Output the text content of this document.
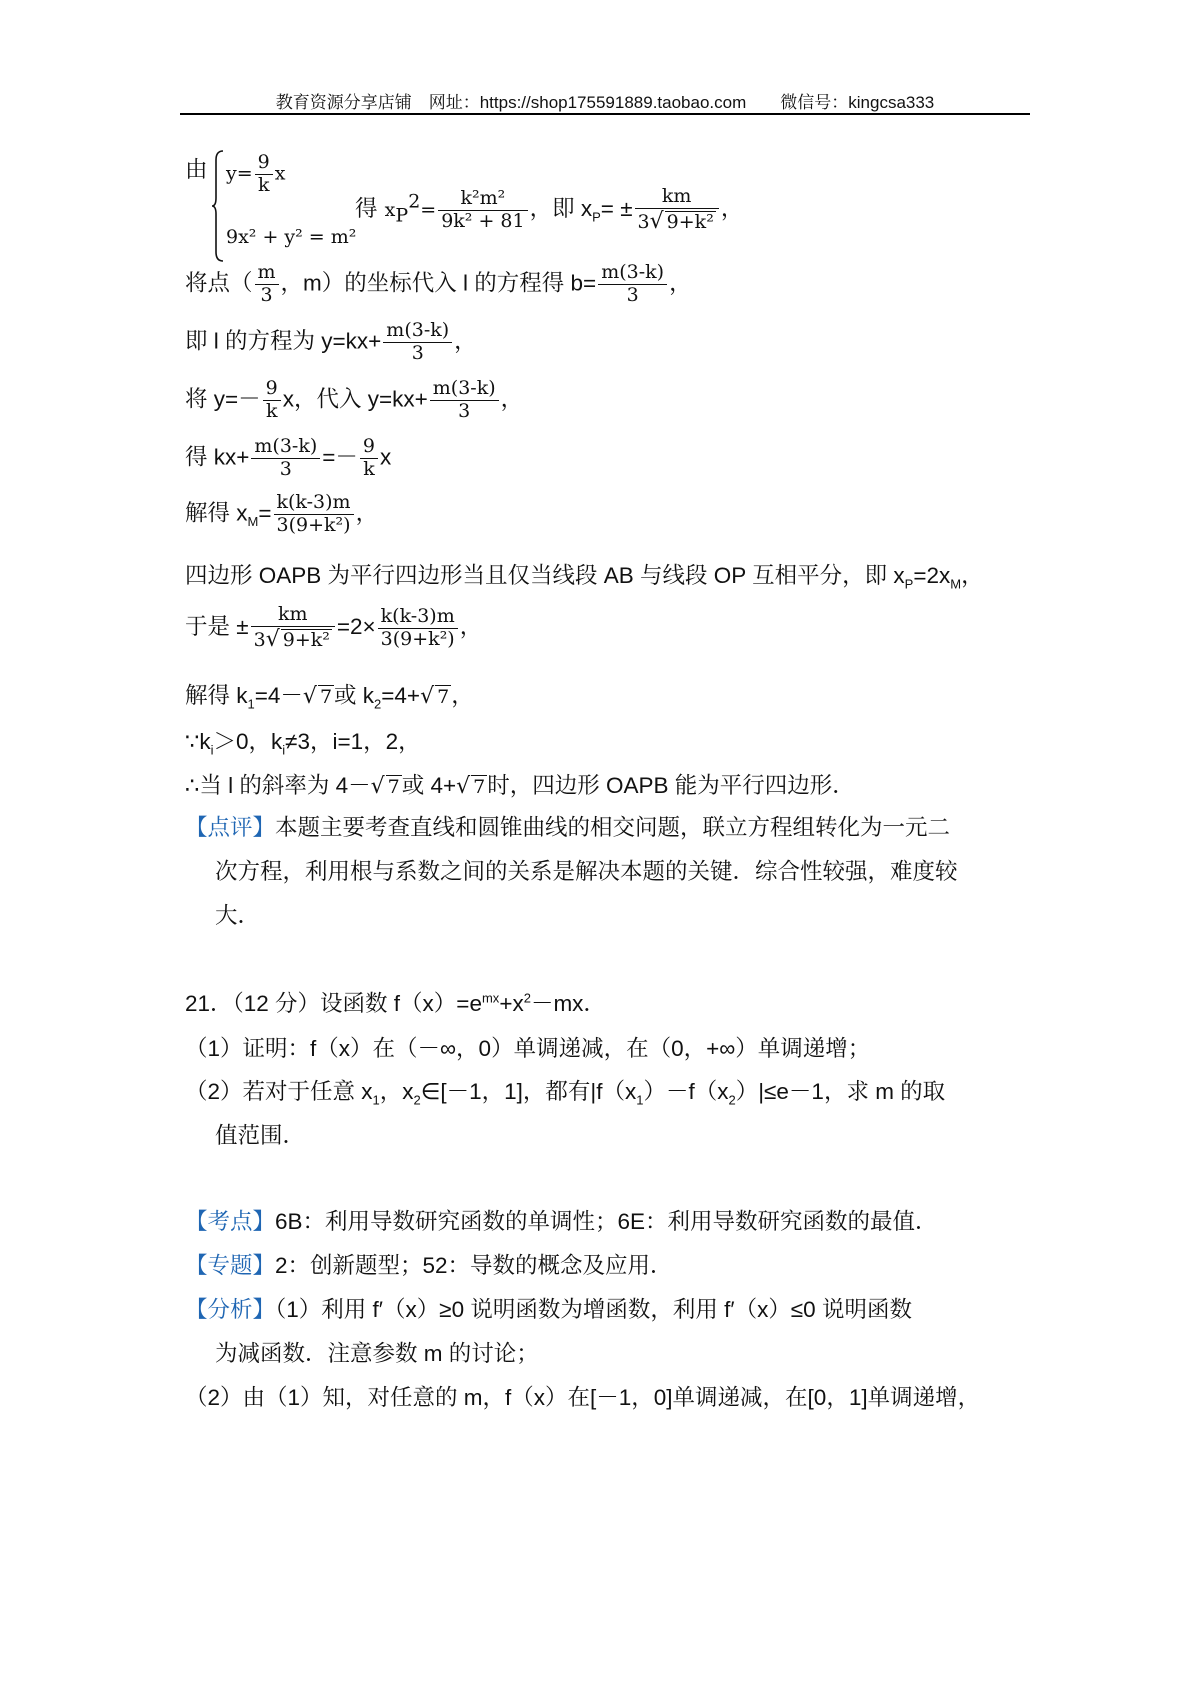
教育资源分享店铺　网址：https://shop175591889.taobao.com　　微信号：kingcsa333
由 $y= \frac{9}{k}$ x
9x² + y² = m²
得 $x_P^2= \frac{\text{k²m²}}{\text{9k² + 81}}$ ，即 $x_P= \pm \frac{km}{\text{3√ 9+k²}}$ ，
将点（ $\frac{m}{3}$ ，m）的坐标代入 l 的方程得 $b= \frac{m(3-k)}{3}$ ，
即 l 的方程为 $y=kx+ \frac{m(3-k)}{3}$ ，
将 $y=- \frac{9}{k}$ x，代入 $y=kx+ \frac{m(3-k)}{3}$ ，
得 $kx+ \frac{m(3-k)}{3} =- \frac{9}{k}$ x
解得 $x_M= \frac{k(k-3)m}{\text{3(9+k²)}}$ ，
四边形 OAPB 为平行四边形当且仅当线段 AB 与线段 OP 互相平分，即 $x_P=2x_M$，
于是 ± $\frac{km}{\text{3√ 9+k²}} =2\times \frac{k(k-3)m}{\text{3(9+k²)}}$ ，
解得 $k_1=4-√$ 7或 $k_2=4+√$ 7，
$\because k_i>0$，$k_i\ne 3$，i=1，2，
∴当 l 的斜率为 4－√ 7或 4+√ 7时，四边形 OAPB 能为平行四边形．
【点评】本题主要考查直线和圆锥曲线的相交问题，联立方程组转化为一元二
次方程，利用根与系数之间的关系是解决本题的关键．综合性较强，难度较
大．
21．（12 分）设函数 $f(x)=e^{mx}+x^2-mx$．
（1）证明：f（x）在（－∞，0）单调递减，在（0，+∞）单调递增；
（2）若对于任意 $x_1$，$x_2\in[-1$，1]，都有$|f(x_1)-f(x_2)|\le e-1$，求 m 的取
值范围．
【考点】6B：利用导数研究函数的单调性；6E：利用导数研究函数的最值．
【专题】2：创新题型；52：导数的概念及应用．
【分析】（1）利用 f′（x）≥0 说明函数为增函数，利用 f′（x）≤0 说明函数
为减函数．注意参数 m 的讨论；
（2）由（1）知，对任意的 m，f（x）在[－1，0]单调递减，在[0，1]单调递增，
